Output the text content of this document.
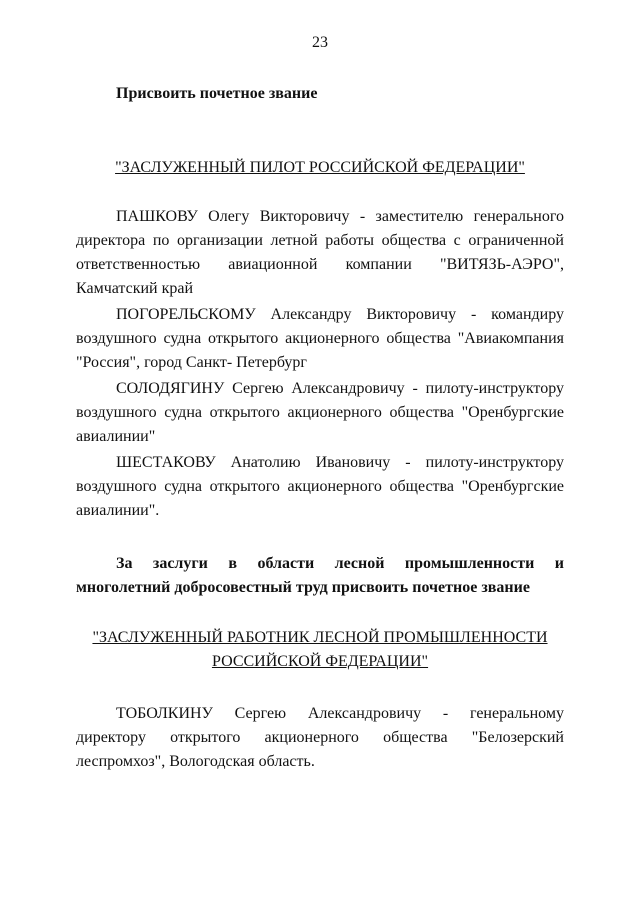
23
Присвоить почетное звание
"ЗАСЛУЖЕННЫЙ ПИЛОТ РОССИЙСКОЙ ФЕДЕРАЦИИ"

ПАШКОВУ Олегу Викторовичу - заместителю генерального директора по организации летной работы общества с ограниченной ответственностью авиационной компании "ВИТЯЗЬ-АЭРО", Камчатский край

ПОГОРЕЛЬСКОМУ Александру Викторовичу - командиру воздушного судна открытого акционерного общества "Авиакомпания "Россия", город Санкт- Петербург

СОЛОДЯГИНУ Сергею Александровичу - пилоту-инструктору воздушного судна открытого акционерного общества "Оренбургские авиалинии"

ШЕСТАКОВУ Анатолию Ивановичу - пилоту-инструктору воздушного судна открытого акционерного общества "Оренбургские авиалинии".

За заслуги в области лесной промышленности и
многолетний добросовестный труд присвоить почетное звание
"ЗАСЛУЖЕННЫЙ РАБОТНИК ЛЕСНОЙ ПРОМЫШЛЕННОСТИ
РОССИЙСКОЙ ФЕДЕРАЦИИ"

ТОБОЛКИНУ Сергею Александровичу - генеральному директору открытого акционерного общества "Белозерский леспромхоз", Вологодская область.
